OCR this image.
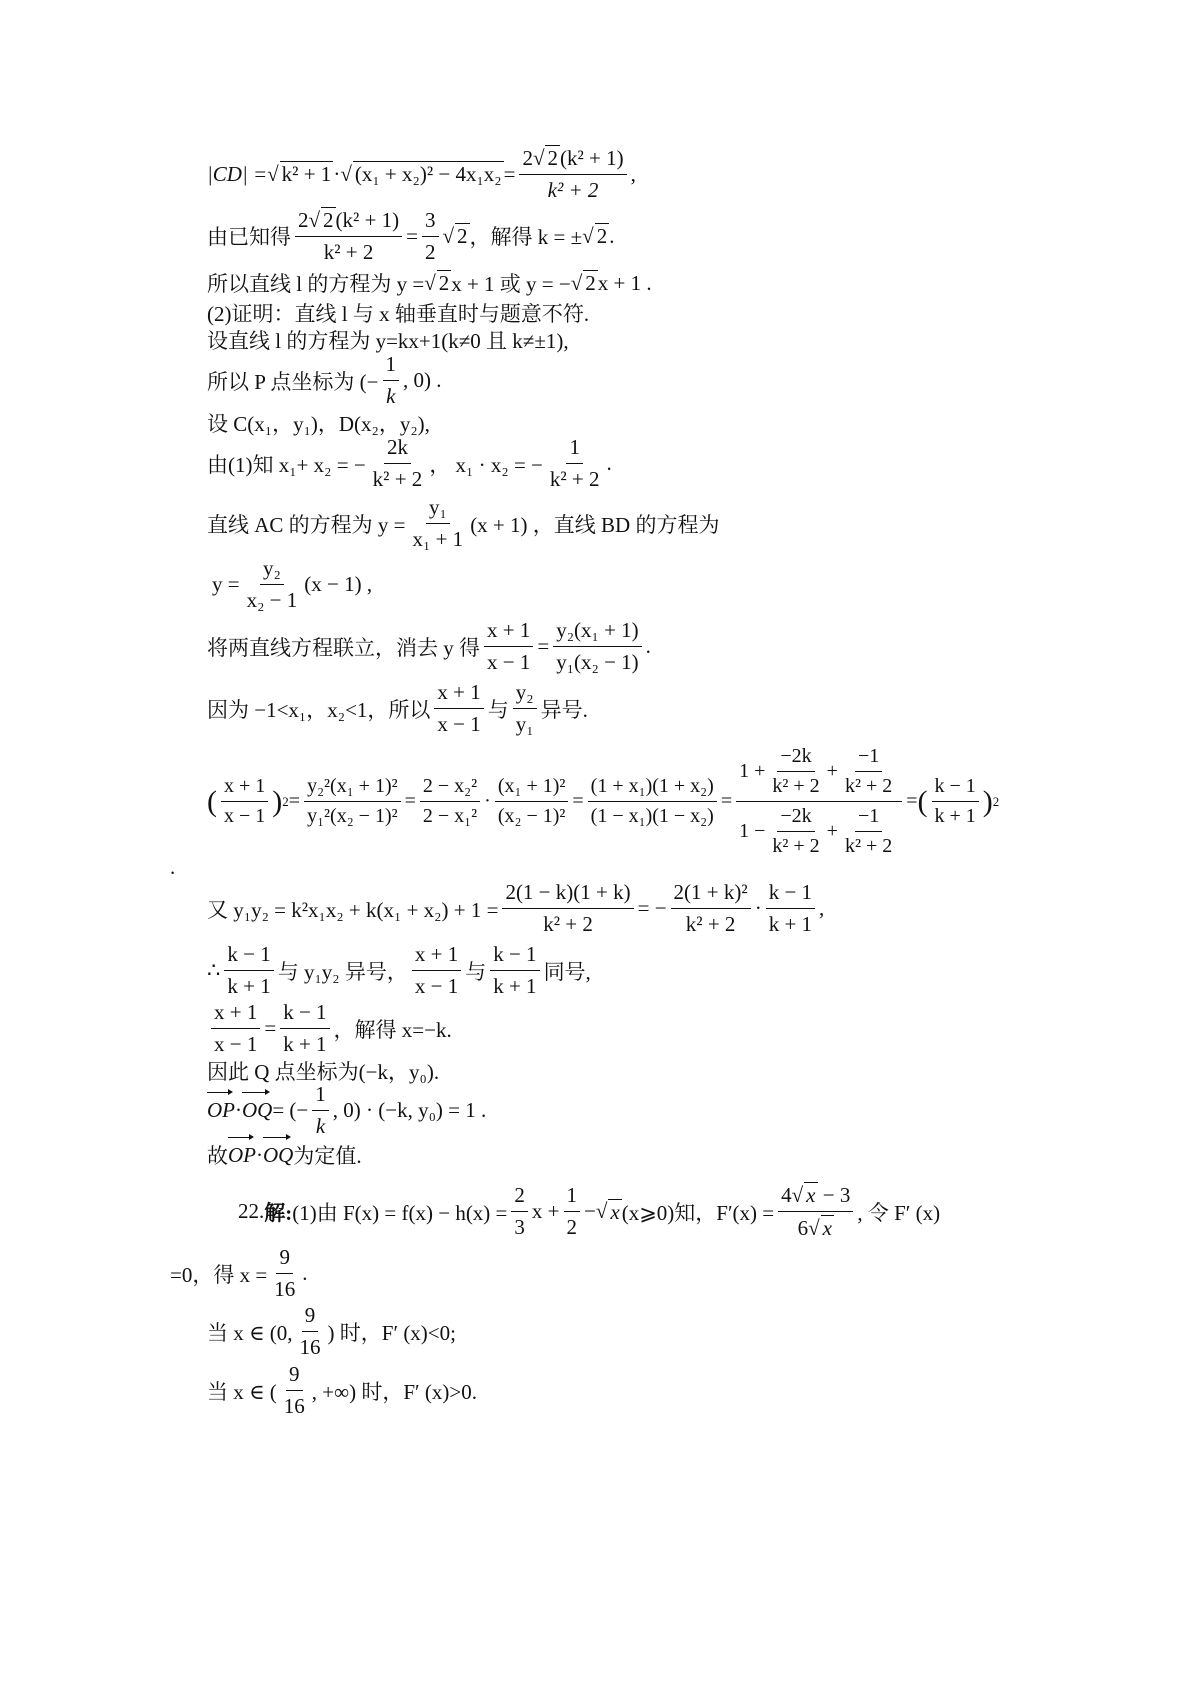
|CD| = √ k² + 1 · √ $(x_1 + x_2)^2 - 4x_1x_2 = \frac{\text{2√ 2(k² + 1)}}{\text{k² + 2}}$ ,
由已知得 $\frac{\text{2√ 2(k² + 1)}}{\text{k² + 2}} = \frac{3}{2}$ √ 2 ，解得 k = ± √ 2 .
所以直线 l 的方程为 y = √ 2 x + 1 或 y = − √ 2 x + 1 .
(2)证明：直线 l 与 x 轴垂直时与题意不符.
设直线 l 的方程为 y=kx+1(k≠0 且 k≠±1),
所以 P 点坐标为 (− $\frac{1}{k}$ , 0) .
设 C(x₁，y₁)，D(x₂，y₂),
由(1)知 x₁+ x₂ = − $\frac{2k}{\text{k² + 2}}$ ， x₁ · x₂ = − $\frac{1}{\text{k² + 2}}$ .
直线 AC 的方程为 $y = \frac{\text{y₁}}{\text{x₁ + 1}} (x + 1)$ ，直线 BD 的方程为
$y = \frac{\text{y₂}}{\text{x₂ − 1}} (x - 1)$ ,
将两直线方程联立，消去 y 得 $\frac{x + 1}{x - 1} = \frac{\text{y₂(x₁ + 1)}}{\text{y₁(x₂ − 1)}}$ .
因为 −1<x₁，x₂<1，所以
x + 1
x − 1
与
y₂
y₁
异号.
( x + 1
x − 1 ) $2 = \frac{\text{y₂²(x₁ + 1)²}}{\text{y₁²(x₂ − 1)²}} = \frac{\text{2 − x₂²}}{\text{2 − x₁²}} \cdot \frac{\text{(x₁ + 1)²}}{\text{(x₂ − 1)²}} = \frac{\text{(1 + x₁)(1 + x₂)}}{\text{(1 − x₁)(1 − x₂)}} = \frac{1 + \frac{-2k}{\text{k² + 2}} + \frac{-1}{\text{k² + 2}}}{1 - \frac{-2k}{\text{k² + 2}} + \frac{-1}{\text{k² + 2}}}$ = ( k − 1
k + 1 ) 2
.
又 $y_1y_2 = k^2x_1x_2 + k(x_1 + x_2) + 1 = \frac{2(1 - k)(1 + k)}{\text{k² + 2}}$ = − $\frac{\text{2(1 + k)²}}{\text{k² + 2}}$ ·
k − 1
k + 1
,
∴
k − 1
k + 1
与 y₁y₂ 异号，
x + 1
x − 1
与
k − 1
k + 1
同号,
$\frac{x + 1}{x - 1} = \frac{k - 1}{k + 1}$ ，解得 x=−k.
因此 Q 点坐标为(−k，y₀).
OP · OQ = (− $\frac{1}{k}$ , 0) · (−k, y₀) = 1 .
故 OP · OQ 为定值.
22. 解: (1)由 $F(x) = f(x) - h(x) = \frac{2}{3}$ $x + \frac{1}{2}$ − √ x (x⩾0)知，$F'(x) = \frac{4√ x - 3}{6√ x}$ , 令 F′ (x)
=0，得 $x = \frac{9}{16}$ .
当 x ∈ (0,
9
16
) 时，F′ (x)<0;
当 x ∈ (
9
16
, +∞) 时，F′ (x)>0.
